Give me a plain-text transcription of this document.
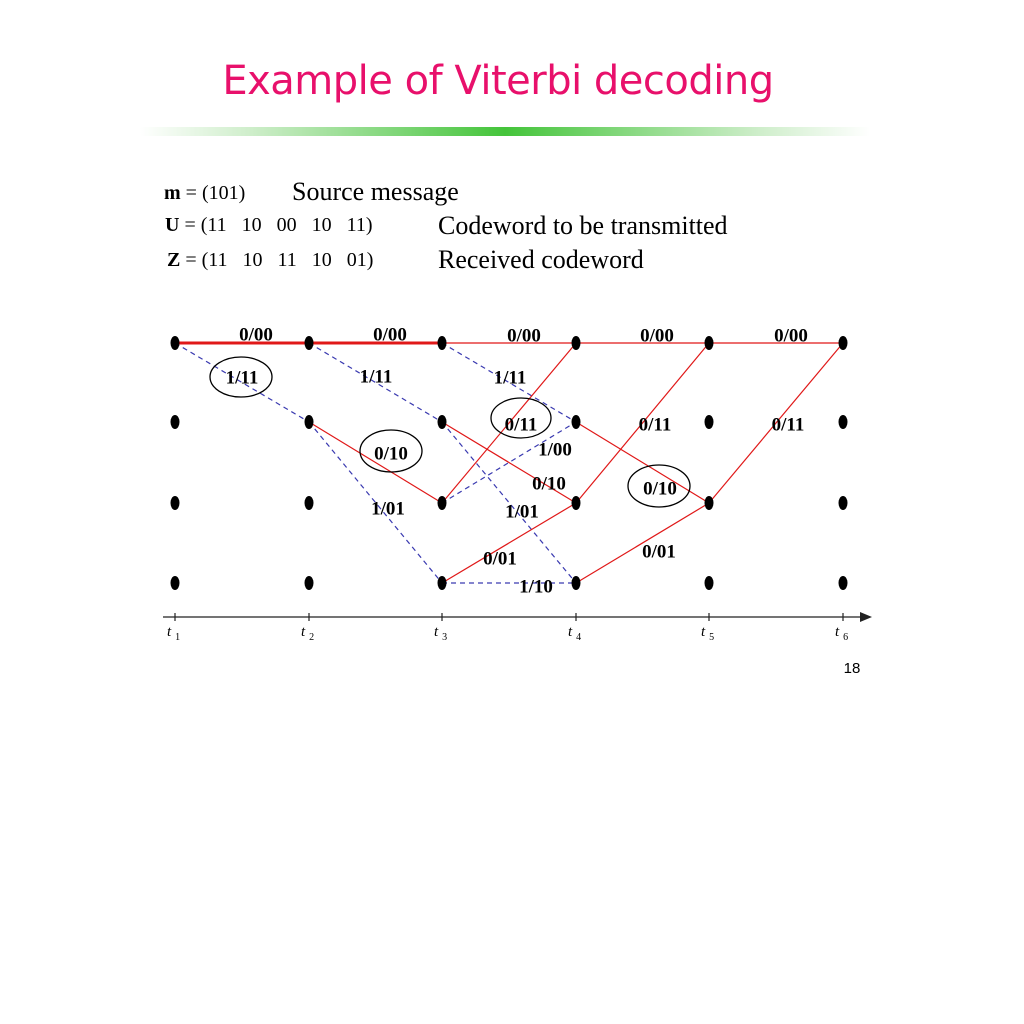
Example of Viterbi decoding
m = (101) Source message
U = (11   10   00   10   11)	Codeword to be transmitted
Z = (11   10   11   10   01) Received codeword
t $_1$	t $_2$	t $_3$	t $_4$	t $_5$	t $_6$
0/00	0/00	0/00	0/00	0/00
1/11	1/11	1/11
0/11	0/11	0/11
0/10	1/00
0/10	0/10
1/01	1/01
0/01	0/01
1/10
18
